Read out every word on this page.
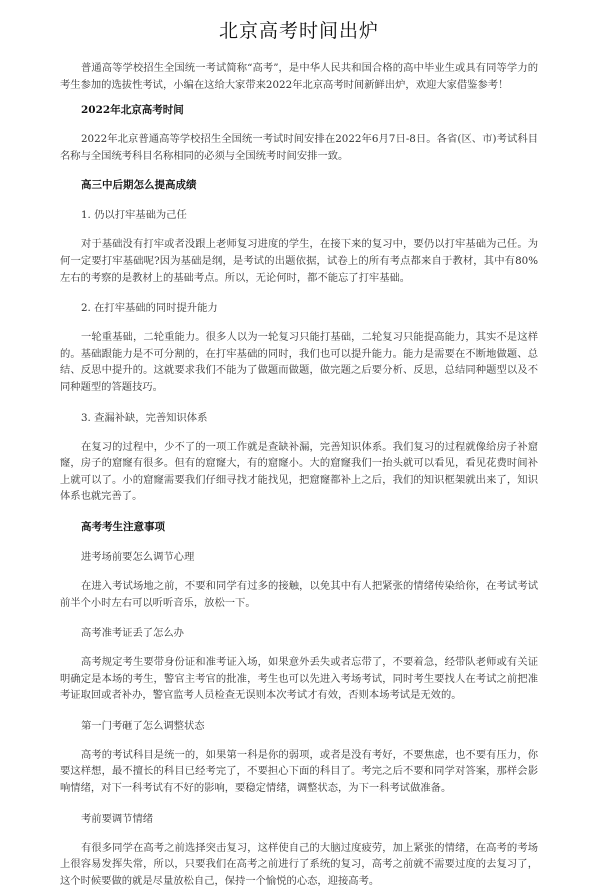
北京高考时间出炉

普通高等学校招生全国统一考试简称“高考”，是中华人民共和国合格的高中毕业生或具有同等学力的考生参加的选拔性考试，小编在这给大家带来2022年北京高考时间新鲜出炉，欢迎大家借鉴参考！

2022年北京高考时间

2022年北京普通高等学校招生全国统一考试时间安排在2022年6月7日-8日。各省(区、市)考试科目名称与全国统考科目名称相同的必须与全国统考时间安排一致。

高三中后期怎么提高成绩
1. 仍以打牢基础为己任

对于基础没有打牢或者没跟上老师复习进度的学生，在接下来的复习中，要仍以打牢基础为己任。为何一定要打牢基础呢?因为基础是纲，是考试的出题依据，试卷上的所有考点都来自于教材，其中有80%左右的考察的是教材上的基础考点。所以，无论何时，都不能忘了打牢基础。

2. 在打牢基础的同时提升能力

一轮重基础，二轮重能力。很多人以为一轮复习只能打基础，二轮复习只能提高能力，其实不是这样的。基础跟能力是不可分割的，在打牢基础的同时，我们也可以提升能力。能力是需要在不断地做题、总结、反思中提升的。这就要求我们不能为了做题而做题，做完题之后要分析、反思，总结同种题型以及不同种题型的答题技巧。

3. 查漏补缺，完善知识体系

在复习的过程中，少不了的一项工作就是查缺补漏，完善知识体系。我们复习的过程就像给房子补窟窿，房子的窟窿有很多。但有的窟窿大，有的窟窿小。大的窟窿我们一抬头就可以看见，看见花费时间补上就可以了。小的窟窿需要我们仔细寻找才能找见，把窟窿都补上之后，我们的知识框架就出来了，知识体系也就完善了。

高考考生注意事项
进考场前要怎么调节心理

在进入考试场地之前，不要和同学有过多的接触，以免其中有人把紧张的情绪传染给你，在考试考试前半个小时左右可以听听音乐，放松一下。

高考准考证丢了怎么办

高考规定考生要带身份证和准考证入场，如果意外丢失或者忘带了，不要着急，经带队老师或有关证明确定是本场的考生，警官主考官的批准，考生也可以先进入考场考试，同时考生要找人在考试之前把准考证取回或者补办，警官监考人员检查无误则本次考试才有效，否则本场考试是无效的。

第一门考砸了怎么调整状态

高考的考试科目是统一的，如果第一科是你的弱项，或者是没有考好，不要焦虑，也不要有压力，你要这样想，最不擅长的科目已经考完了，不要担心下面的科目了。考完之后不要和同学对答案，那样会影响情绪，对下一科考试有不好的影响，要稳定情绪，调整状态，为下一科考试做准备。

考前要调节情绪

有很多同学在高考之前选择突击复习，这样使自己的大脑过度疲劳，加上紧张的情绪，在高考的考场上很容易发挥失常，所以，只要我们在高考之前进行了系统的复习，高考之前就不需要过度的去复习了，这个时候要做的就是尽量放松自己，保持一个愉悦的心态，迎接高考。
